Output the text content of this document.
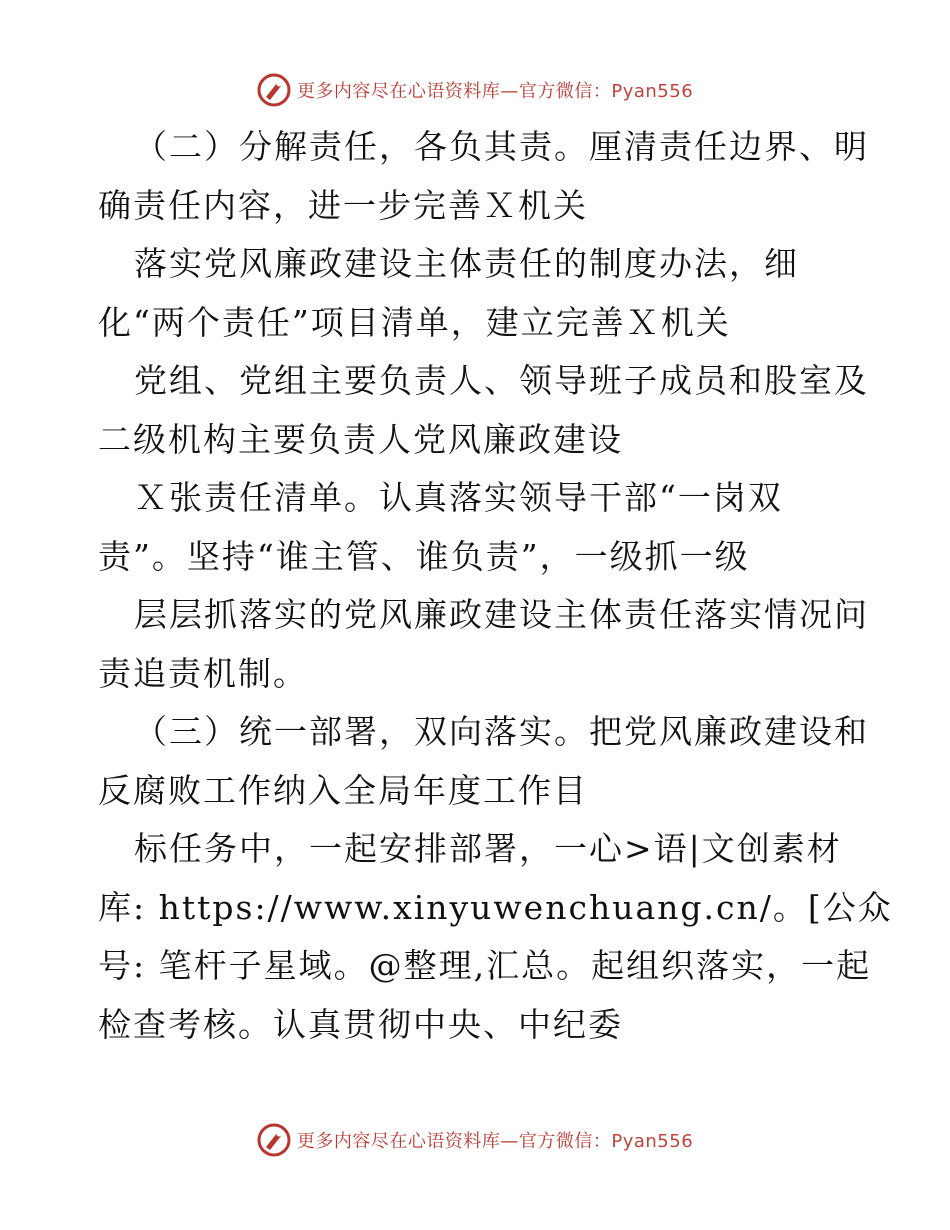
更多内容尽在心语资料库—官方微信：Pyan556
（二）分解责任，各负其责。厘清责任边界、明
确责任内容，进一步完善Ｘ机关
落实党风廉政建设主体责任的制度办法，细
化“两个责任”项目清单，建立完善Ｘ机关
党组、党组主要负责人、领导班子成员和股室及
二级机构主要负责人党风廉政建设
Ｘ张责任清单。认真落实领导干部“一岗双
责”。坚持“谁主管、谁负责”，一级抓一级
层层抓落实的党风廉政建设主体责任落实情况问
责追责机制。
（三）统一部署，双向落实。把党风廉政建设和
反腐败工作纳入全局年度工作目
标任务中，一起安排部署，一心>语|文创素材
库: https://www.xinyuwenchuang.cn/。[公众
号: 笔杆子星域。@整理,汇总。起组织落实，一起
检查考核。认真贯彻中央、中纪委
更多内容尽在心语资料库—官方微信：Pyan556
